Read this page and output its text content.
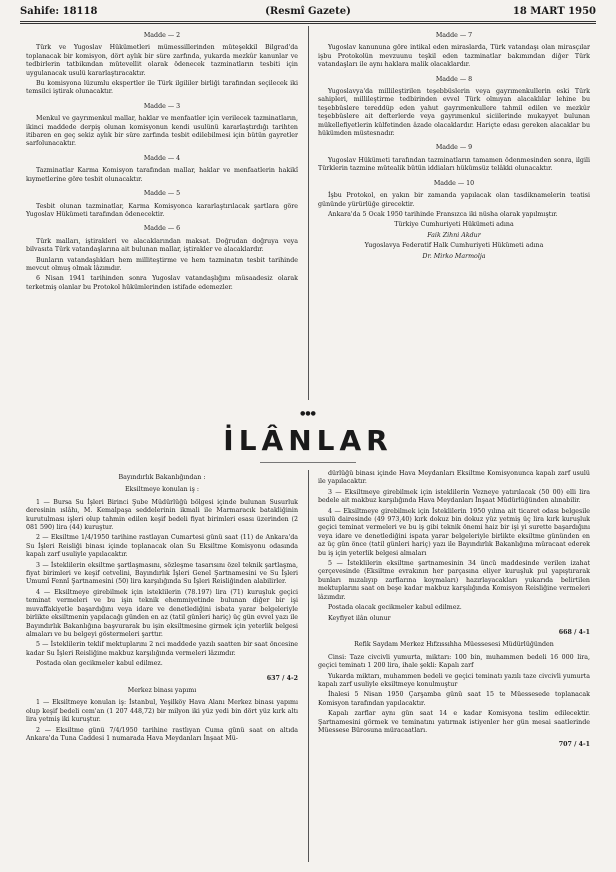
Sahife: 18118	(Resmî Gazete)	18 MART 1950

Madde — 2

Türk ve Yugoslav Hükümetleri mümessillerinden müteşekkil Bilgrad'da toplanacak bir komisyon, dört aylık bir süre zarfında, yukarda mezkûr kanunlar ve tedbirlerin tatbikından mütevellit olarak ödenecek tazminatların tesbiti için uygulanacak usulü kararlaştıracaktır.

Bu komisyona lüzumlu ekspertler ile Türk ilgililer birliği tarafından seçilecek iki temsilci iştirak olunacaktır.

Madde — 3

Menkul ve gayrımenkul mallar, haklar ve menfaatler için verilecek tazminatların, ikinci maddede derpiş olunan komisyonun kendi usulünü kararlaştırdığı tarihten itibaren en geç sekiz aylık bir süre zarfında tesbit edilebilmesi için bütün gayretler sarfolunacaktır.

Madde — 4

Tazminatlar Karma Komisyon tarafından mallar, haklar ve menfaatlerin hakikî kıymetlerine göre tesbit olunacaktır.

Madde — 5

Tesbit olunan tazminatlar, Karma Komisyonca kararlaştırılacak şartlara göre Yugoslav Hükümeti tarafından ödenecektir.

Madde — 6

Türk malları, iştirakleri ve alacaklarından maksat. Doğrudan doğruya veya bilvasıta Türk vatandaşlarına ait bulunan mallar, iştirakler ve alacaklardır.

Bunların vatandaşlıkları hem milliteştirme ve hem tazminatın tesbit tarihinde mevcut olmuş olmak lâzımdır.

6 Nisan 1941 tarihinden sonra Yugoslav vatandaşlığını müsaadesiz olarak terketmiş olanlar bu Protokol hükümlerinden istifade edemezler.

Madde — 7

Yugoslav kanununa göre intikal eden miraslarda, Türk vatandaşı olan mirasçılar işbu Protokolün mevzuunu teşkil eden tazminatlar bakımından diğer Türk vatandaşları ile aynı haklara malik olacaklardır.

Madde — 8

Yugoslavya'da millileştirilen teşebbüslerin veya gayrımenkullerin eski Türk sahipleri, millileştirme tedbirinden evvel Türk olmıyan alacaklılar lehine bu teşebbüslere tereddüp eden yahut gayrımenkullere tahmil edilen ve mezkûr teşebbüslere ait defterlerde veya gayrımenkul siciilerinde mukayyet bulunan mükellefiyetlerin külfetinden âzade olacaklardır. Hariçte edası gereken alacaklar bu hükümden müstesnadır.

Madde — 9

Yugoslav Hükümeti tarafından tazminatların tamamen ödenmesinden sonra, ilgili Türklerin tazmine mütealik bütün iddiaları hükümsüz telâkki olunacaktır.

Madde — 10

İşbu Protokol, en yakın bir zamanda yapılacak olan tasdiknamelerin teatisi gününde yürürlüğe girecektir.

Ankara'da 5 Ocak 1950 tarihinde Fransızca iki nüsha olarak yapılmıştır.

Türkiye Cumhuriyeti Hükümeti adına

Faik Zihni Akdur

Yugoslavya Federatif Halk Cumhuriyeti Hükümeti adına

Dr. Mirko Marmolja

●●●
İLÂNLAR

Bayındırlık Bakanlığından :

Eksiltmeye konulan iş :

1 — Bursa Su İşleri Birinci Şube Müdürlüğü bölgesi içinde bulunan Susurluk deresinin ıslâhı, M. Kemalpaşa seddelerinin ikmali ile Marmaracık batakliğinin kurutulması işleri olup tahmin edilen keşif bedeli fiyat birimleri esası üzerinden (2 081 590) lira (44) kuruştur.

2 — Eksiltme 1/4/1950 tarihine rastlayan Cumartesi günü saat (11) de Ankara'da Su İşleri Reisliği binası içinde toplanacak olan Su Eksiltme Komisyonu odasında kapalı zarf usuliyle yapılacaktır.

3 — İsteklilerin eksiltme şartlaşmasını, sözleşme tasarısını özel teknik şartlaşma, fiyat birimleri ve keşif cetvelini, Bayındırlık İşleri Genel Şartnamesini ve Su İşleri Umumî Fennî Şartnamesini (50) lira karşılığında Su İşleri Reisliğinden alabilirler.

4 — Eksiltmeye girebilmek için isteklilerin (78.197) lira (71) kuruşluk geçici teminat vermeleri ve bu işin teknik ehemmiyetinde bulunan diğer bir işi muvaffakiyetle başardığını veya idare ve denetlediğini isbata yarar belgeleriyle birlikte eksiltmenin yapılacağı günden en az (tatil günleri hariç) üç gün evvel yazı ile Bayındırlık Bakanlığına başvurarak bu işin eksiltmesine girmek için yeterlik belgesi almaları ve bu belgeyi göstermeleri şarttır.

5 — İsteklilerin teklif mektuplarını 2 nci maddede yazılı saatten bir saat öncesine kadar Su İşleri Reisliğine makbuz karşılığında vermeleri lâzımdır.

Postada olan gecikmeler kabul edilmez.

637 / 4-2

Merkez binası yapımı

1 — Eksiltmeye konulan iş: İstanbul, Yeşilköy Hava Alanı Merkez binası yapımı olup keşif bedeli cem'an (1 207 448,72) bir milyon iki yüz yedi bin dört yüz kırk altı lira yetmiş iki kuruştur.

2 — Eksiltme günü 7/4/1950 tarihine rastlıyan Cuma günü saat on altıda Ankara'da Tuna Caddesi 1 numarada Hava Meydanları İnşaat Mü-

dürlüğü binası içinde Hava Meydanları Eksiltme Komisyonunca kapalı zarf usulü ile yapılacaktır.

3 — Eksiltmeye girebilmek için isteklilerin Vezneye yatırılacak (50 00) elli lira bedele ait makbuz karşılığında Hava Meydanları İnşaat Müdürlüğünden alınabilir.

4 — Eksiltmeye girebilmek için İsteklilerin 1950 yılına ait ticaret odası belgesile usulü dairesinde (49 973,40) kırk dokuz bin dokuz yüz yetmiş üç lira kırk kuruşluk geçici teminat vermeleri ve bu iş gibi teknik önemi haiz bir işi yi surette başardığını veya idare ve denetlediğini ispata yarar belgeleriyle birlikte eksiltme gününden en az üç gün önce (tatil günleri hariç) yazı ile Bayındırlık Bakanlığına müracaat ederek bu iş için yeterlik belgesi almaları

5 — İsteklilerin eksiltme şartnamesinin 34 üncü maddesinde verilen izahat çerçevesinde (Eksiltme evrakının her parçasına eliyer kuruşluk pul yapıştırarak bunları mızalıyıp zarflarına koymaları) hazırlayacakları yukarıda belirtilen mektuplarını saat on beşe kadar makbuz karşılığında Komisyon Reisliğine vermeleri lâzımdır.

Postada olacak gecikmeler kabul edilmez.

Keyfiyet ilân olunur

668 / 4-1

Refik Saydam Merkez Hıfzıssıhha Müessesesi Müdürlüğünden

Cinsi: Taze civcivli yumurta, miktarı: 100 bin, muhammen bedeli 16 000 lira, geçici teminatı 1 200 lira, ihale şekli: Kapalı zarf

Yukarda miktarı, muhammen bedeli ve geçici teminatı yazılı taze civcivli yumurta kapalı zarf usuliyle eksiltmeye konulmuştur

İhalesi 5 Nisan 1950 Çarşamba günü saat 15 te Müessesede toplanacak Komisyon tarafından yapılacaktır.

Kapalı zarflar aynı gün saat 14 e kadar Komisyona teslim edilecektir. Şartnamesini görmek ve teminatını yatırmak istiyenler her gün mesai saatlerinde Müessese Bürosuna müracaatları.

707 / 4-1
